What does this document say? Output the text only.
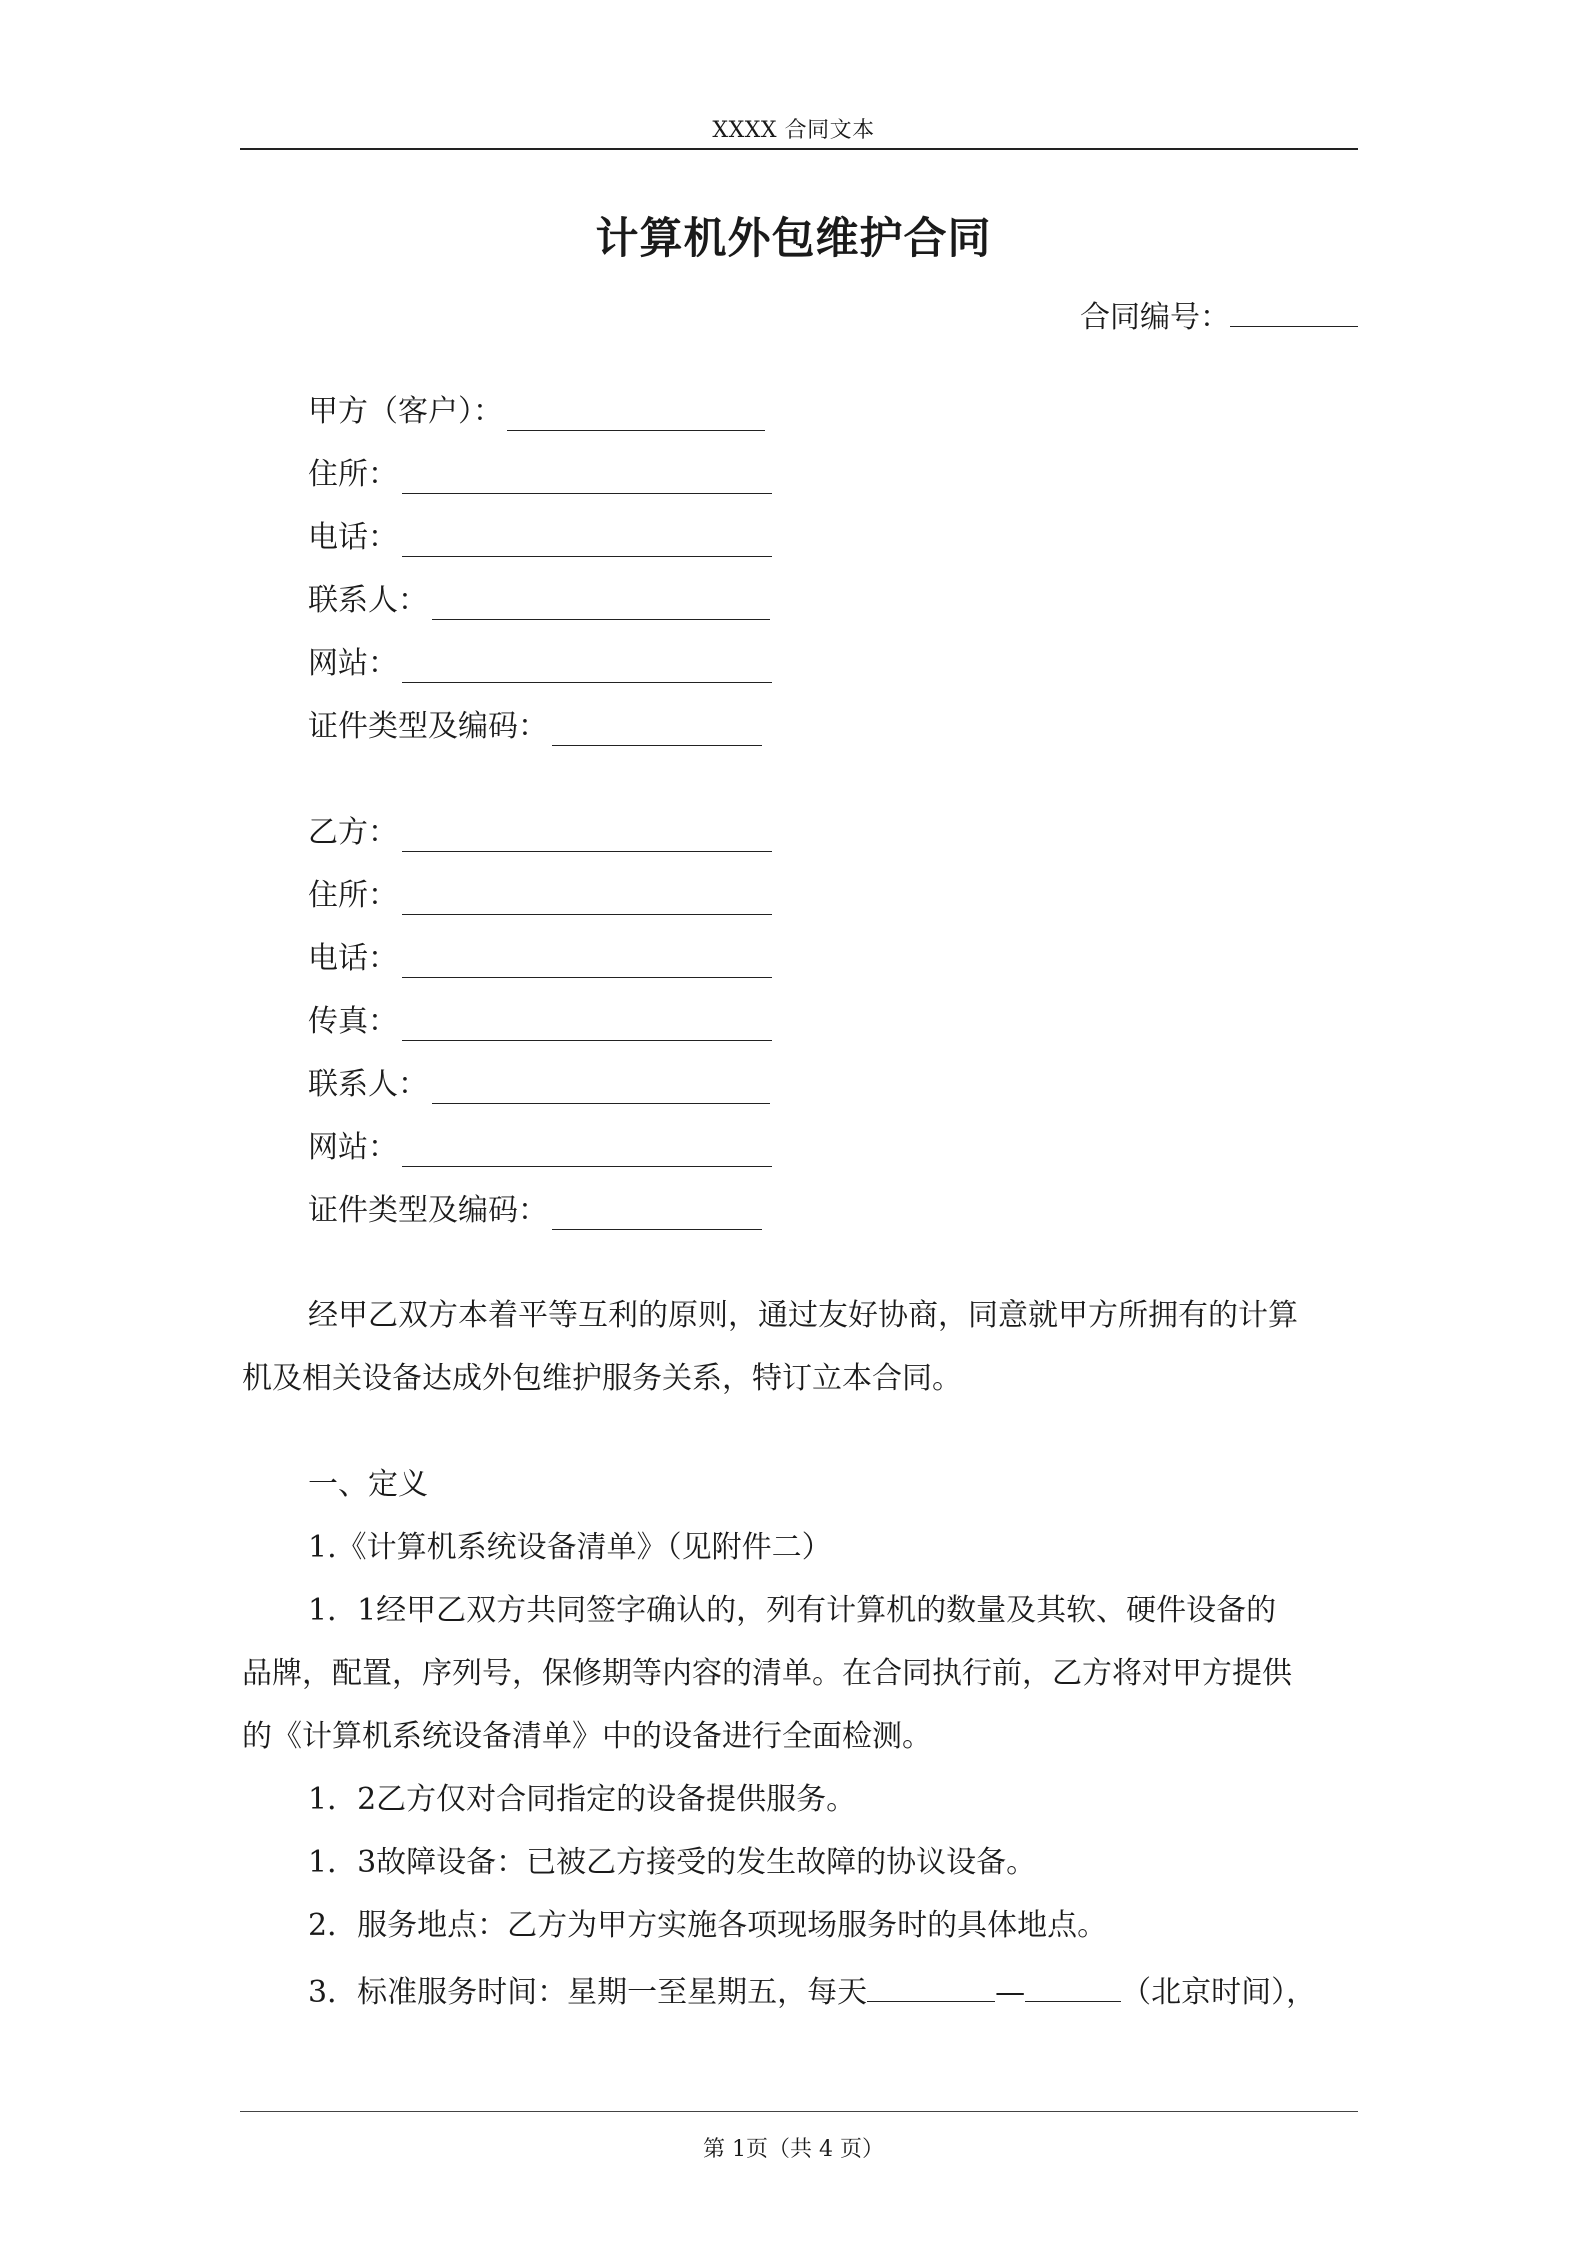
XXXX 合同文本
计算机外包维护合同
合同编号：
甲方（客户）：
住所：
电话：
联系人：
网站：
证件类型及编码：
乙方：
住所：
电话：
传真：
联系人：
网站：
证件类型及编码：
经甲乙双方本着平等互利的原则，通过友好协商，同意就甲方所拥有的计算
机及相关设备达成外包维护服务关系，特订立本合同。
一、定义
1.《计算机系统设备清单》（见附件二）
1．1经甲乙双方共同签字确认的，列有计算机的数量及其软、硬件设备的
品牌，配置，序列号，保修期等内容的清单。在合同执行前，乙方将对甲方提供
的《计算机系统设备清单》中的设备进行全面检测。
1．2乙方仅对合同指定的设备提供服务。
1．3故障设备：已被乙方接受的发生故障的协议设备。
2．服务地点：乙方为甲方实施各项现场服务时的具体地点。
3．标准服务时间：星期一至星期五，每天	—	（北京时间），
第 1页（共 4 页）
